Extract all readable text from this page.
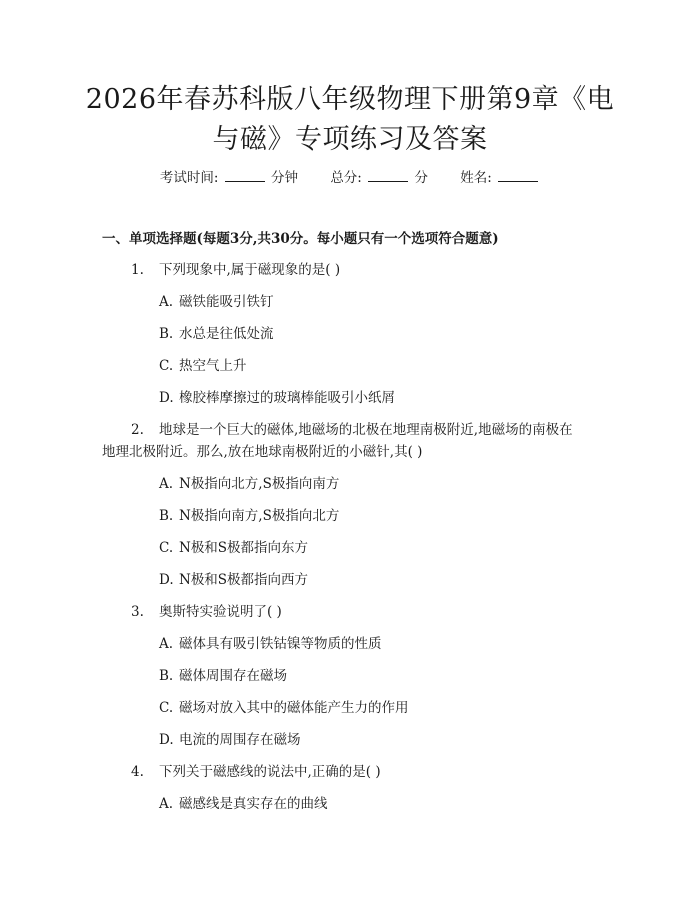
2026年春苏科版八年级物理下册第9章《电
与磁》专项练习及答案
考试时间:	分钟 总分:	分 姓名:
一、单项选择题(每题3分,共30分。每小题只有一个选项符合题意)
1. 下列现象中,属于磁现象的是( )
A. 磁铁能吸引铁钉
B. 水总是往低处流
C. 热空气上升
D. 橡胶棒摩擦过的玻璃棒能吸引小纸屑
2. 地球是一个巨大的磁体,地磁场的北极在地理南极附近,地磁场的南极在
地理北极附近。那么,放在地球南极附近的小磁针,其( )
A. N极指向北方,S极指向南方
B. N极指向南方,S极指向北方
C. N极和S极都指向东方
D. N极和S极都指向西方
3. 奥斯特实验说明了( )
A. 磁体具有吸引铁钴镍等物质的性质
B. 磁体周围存在磁场
C. 磁场对放入其中的磁体能产生力的作用
D. 电流的周围存在磁场
4. 下列关于磁感线的说法中,正确的是( )
A. 磁感线是真实存在的曲线
